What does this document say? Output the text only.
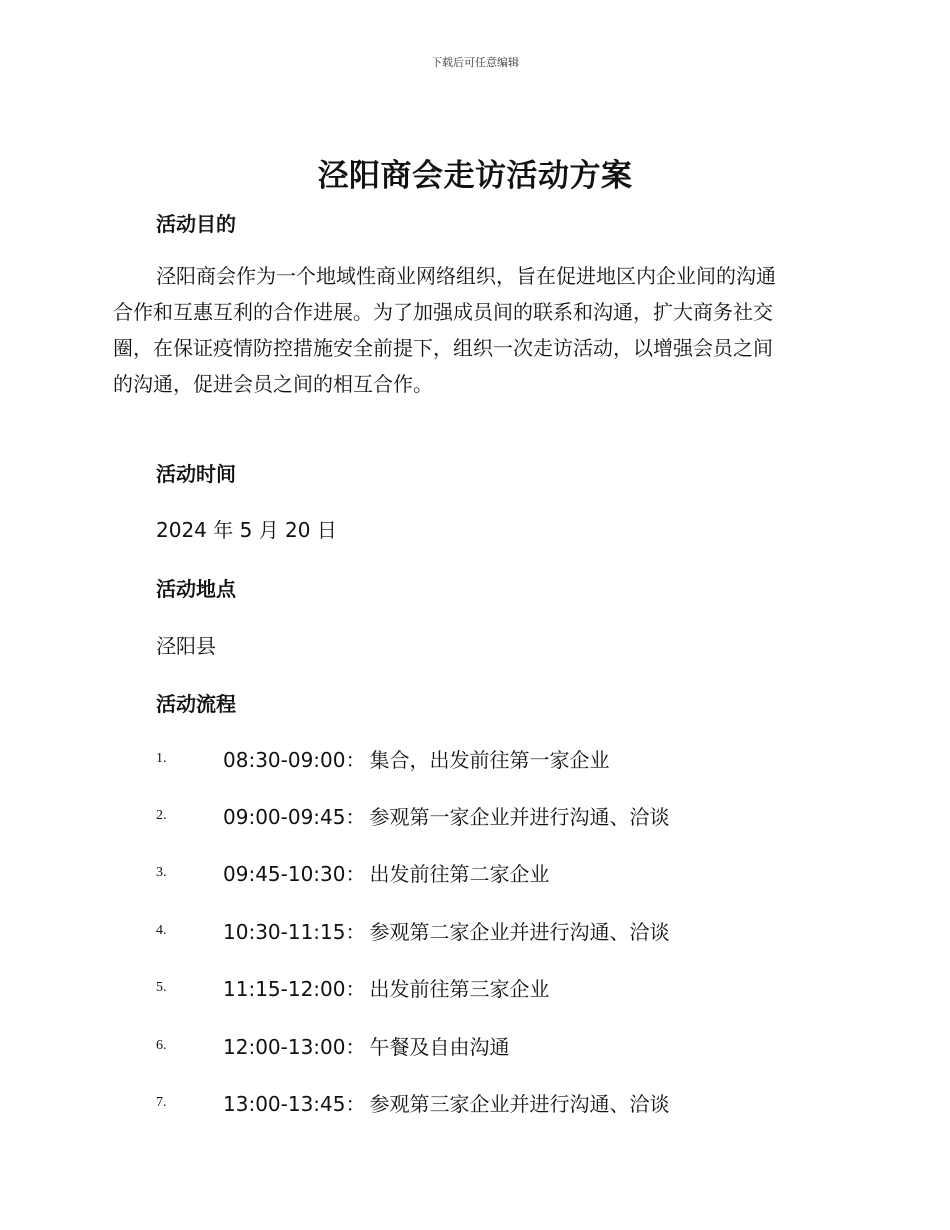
下载后可任意编辑
泾阳商会走访活动方案
活动目的
泾阳商会作为一个地域性商业网络组织，旨在促进地区内企业间的沟通
合作和互惠互利的合作进展。为了加强成员间的联系和沟通，扩大商务社交
圈，在保证疫情防控措施安全前提下，组织一次走访活动，以增强会员之间
的沟通，促进会员之间的相互合作。
活动时间
2024 年 5 月 20 日
活动地点
泾阳县
活动流程
1.	08:30-09:00： 集合，出发前往第一家企业
2.	09:00-09:45： 参观第一家企业并进行沟通、洽谈
3.	09:45-10:30： 出发前往第二家企业
4.	10:30-11:15： 参观第二家企业并进行沟通、洽谈
5.	11:15-12:00： 出发前往第三家企业
6.	12:00-13:00： 午餐及自由沟通
7.	13:00-13:45： 参观第三家企业并进行沟通、洽谈
